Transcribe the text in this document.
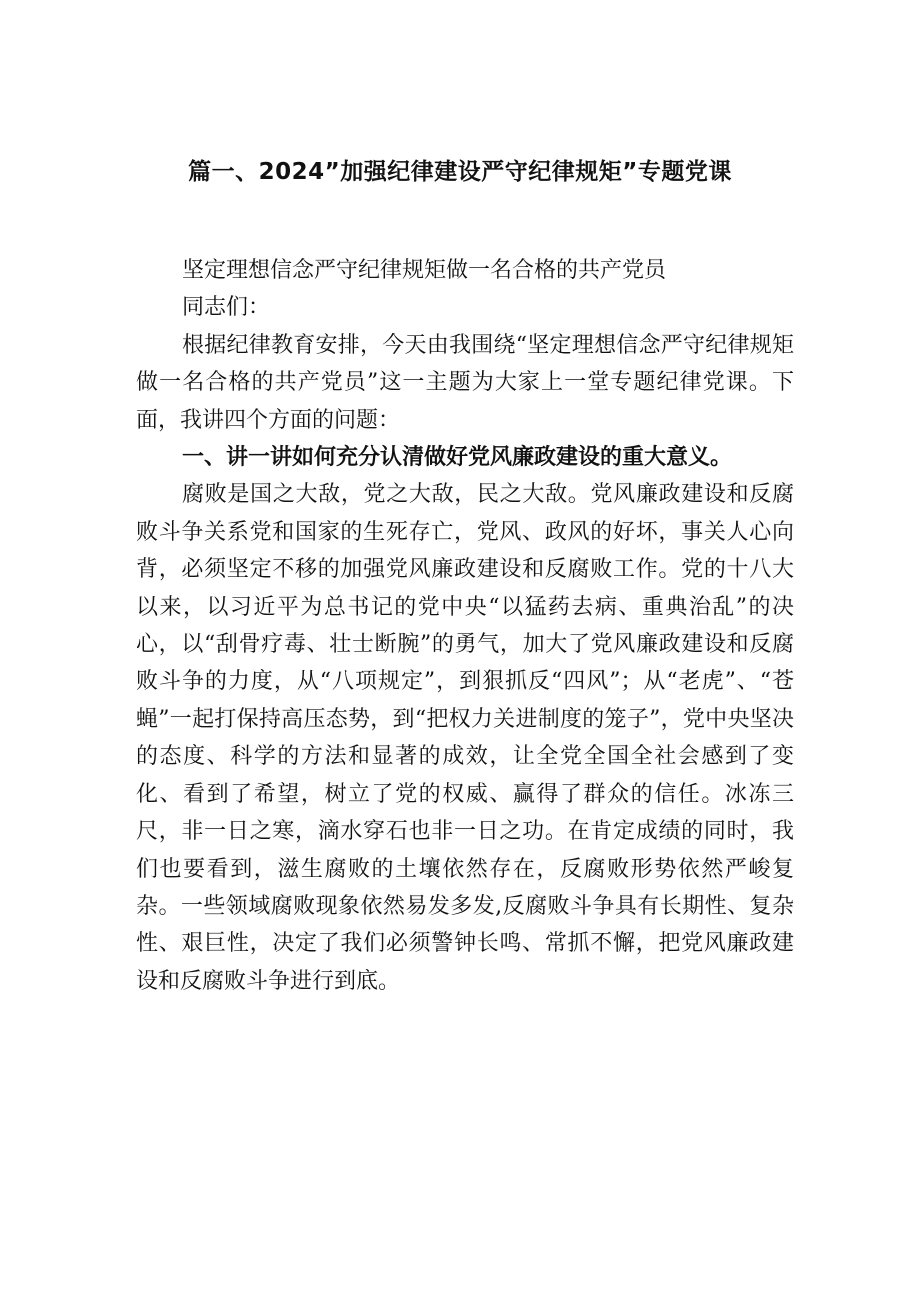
篇一、2024”加强纪律建设严守纪律规矩”专题党课

坚定理想信念严守纪律规矩做一名合格的共产党员

同志们：

根据纪律教育安排，今天由我围绕“坚定理想信念严守纪律规矩做一名合格的共产党员”这一主题为大家上一堂专题纪律党课。下面，我讲四个方面的问题：

一、讲一讲如何充分认清做好党风廉政建设的重大意义。

腐败是国之大敌，党之大敌，民之大敌。党风廉政建设和反腐败斗争关系党和国家的生死存亡，党风、政风的好坏，事关人心向背，必须坚定不移的加强党风廉政建设和反腐败工作。党的十八大以来，以习近平为总书记的党中央“以猛药去病、重典治乱”的决心，以“刮骨疗毒、壮士断腕”的勇气，加大了党风廉政建设和反腐败斗争的力度，从“八项规定”，到狠抓反“四风”；从“老虎”、“苍蝇”一起打保持高压态势，到“把权力关进制度的笼子”，党中央坚决的态度、科学的方法和显著的成效，让全党全国全社会感到了变化、看到了希望，树立了党的权威、赢得了群众的信任。冰冻三尺，非一日之寒，滴水穿石也非一日之功。在肯定成绩的同时，我们也要看到，滋生腐败的土壤依然存在，反腐败形势依然严峻复杂。一些领域腐败现象依然易发多发,反腐败斗争具有长期性、复杂性、艰巨性，决定了我们必须警钟长鸣、常抓不懈，把党风廉政建设和反腐败斗争进行到底。
